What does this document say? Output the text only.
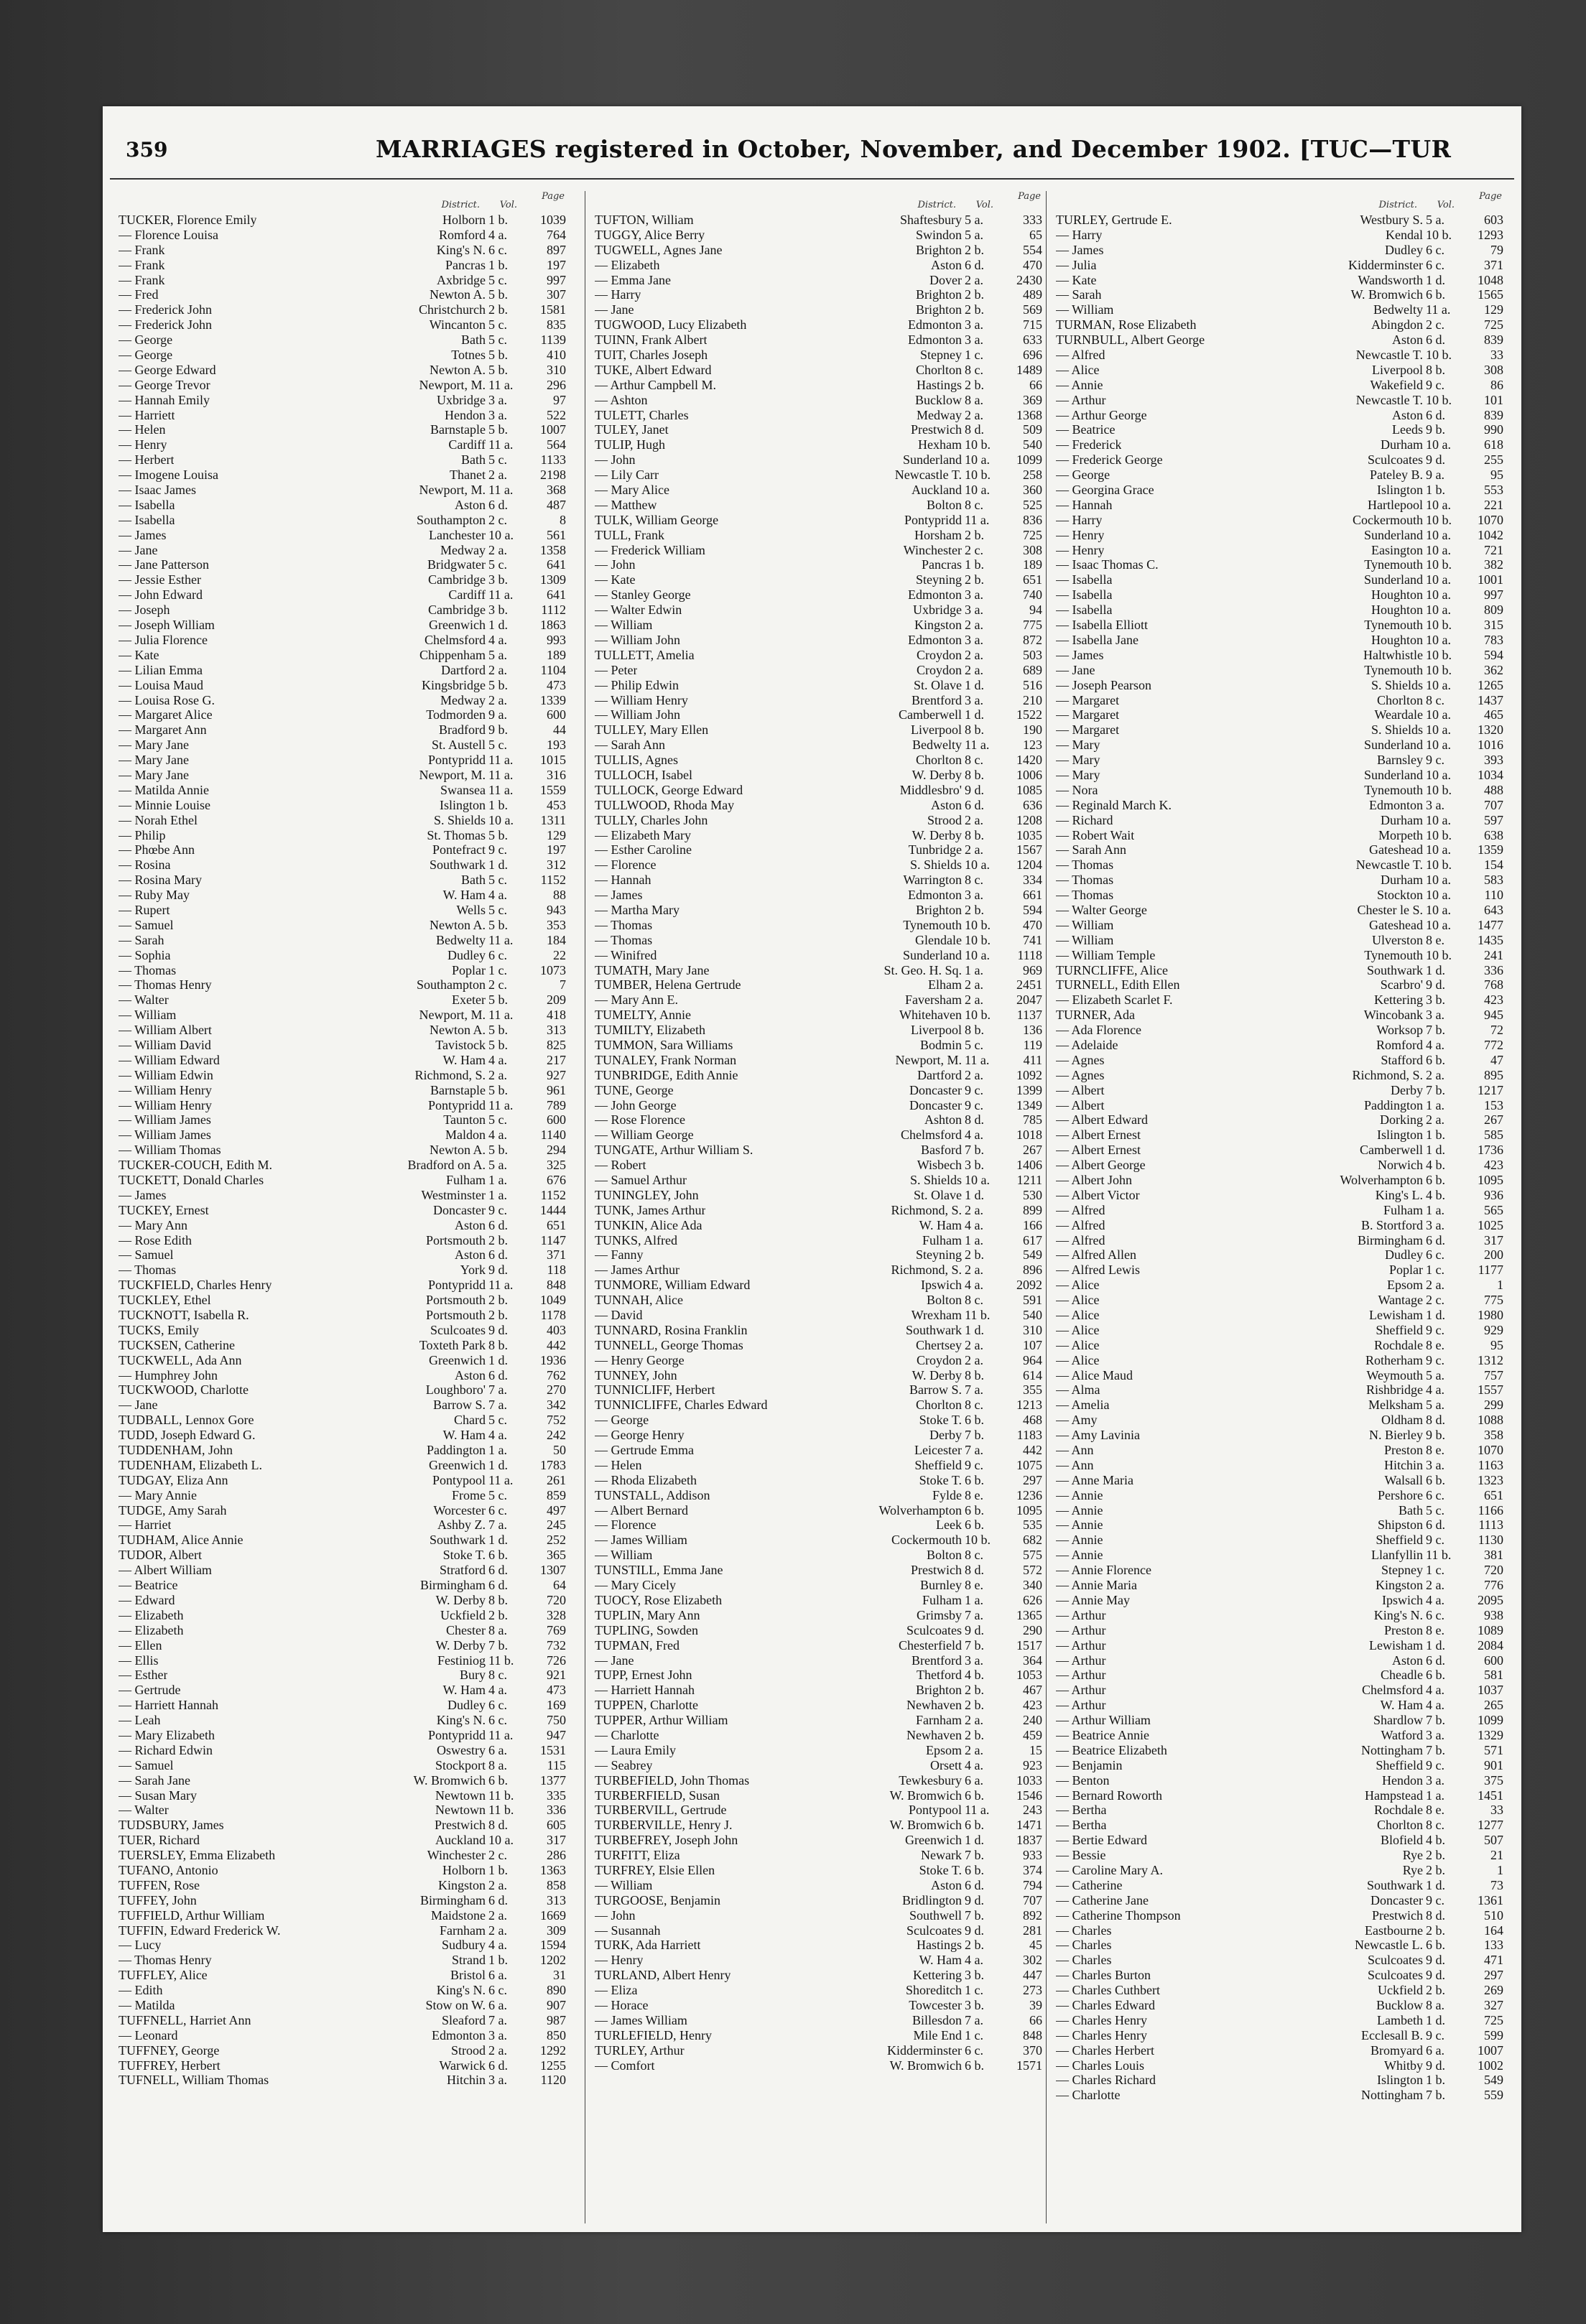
359	MARRIAGES registered in October, November, and December 1902. [TUC—TUR
District. Vol.
Page
TUCKER, Florence Emily	Holborn 1 b.	1039
— Florence Louisa	Romford 4 a.	764
— Frank	King's N. 6 c.	897
— Frank	Pancras 1 b.	197
— Frank	Axbridge 5 c.	997
— Fred	Newton A. 5 b.	307
— Frederick John	Christchurch 2 b.	1581
— Frederick John	Wincanton 5 c.	835
— George	Bath 5 c.	1139
— George	Totnes 5 b.	410
— George Edward	Newton A. 5 b.	310
— George Trevor	Newport, M. 11 a.	296
— Hannah Emily	Uxbridge 3 a.	97
— Harriett	Hendon 3 a.	522
— Helen	Barnstaple 5 b.	1007
— Henry	Cardiff 11 a.	564
— Herbert	Bath 5 c.	1133
— Imogene Louisa	Thanet 2 a.	2198
— Isaac James	Newport, M. 11 a.	368
— Isabella	Aston 6 d.	487
— Isabella	Southampton 2 c.	8
— James	Lanchester 10 a.	561
— Jane	Medway 2 a.	1358
— Jane Patterson	Bridgwater 5 c.	641
— Jessie Esther	Cambridge 3 b.	1309
— John Edward	Cardiff 11 a.	641
— Joseph	Cambridge 3 b.	1112
— Joseph William	Greenwich 1 d.	1863
— Julia Florence	Chelmsford 4 a.	993
— Kate	Chippenham 5 a.	189
— Lilian Emma	Dartford 2 a.	1104
— Louisa Maud	Kingsbridge 5 b.	473
— Louisa Rose G.	Medway 2 a.	1339
— Margaret Alice	Todmorden 9 a.	600
— Margaret Ann	Bradford 9 b.	44
— Mary Jane	St. Austell 5 c.	193
— Mary Jane	Pontypridd 11 a.	1015
— Mary Jane	Newport, M. 11 a.	316
— Matilda Annie	Swansea 11 a.	1559
— Minnie Louise	Islington 1 b.	453
— Norah Ethel	S. Shields 10 a.	1311
— Philip	St. Thomas 5 b.	129
— Phœbe Ann	Pontefract 9 c.	197
— Rosina	Southwark 1 d.	312
— Rosina Mary	Bath 5 c.	1152
— Ruby May	W. Ham 4 a.	88
— Rupert	Wells 5 c.	943
— Samuel	Newton A. 5 b.	353
— Sarah	Bedwelty 11 a.	184
— Sophia	Dudley 6 c.	22
— Thomas	Poplar 1 c.	1073
— Thomas Henry	Southampton 2 c.	7
— Walter	Exeter 5 b.	209
— William	Newport, M. 11 a.	418
— William Albert	Newton A. 5 b.	313
— William David	Tavistock 5 b.	825
— William Edward	W. Ham 4 a.	217
— William Edwin	Richmond, S. 2 a.	927
— William Henry	Barnstaple 5 b.	961
— William Henry	Pontypridd 11 a.	789
— William James	Taunton 5 c.	600
— William James	Maldon 4 a.	1140
— William Thomas	Newton A. 5 b.	294
TUCKER-COUCH, Edith M.	Bradford on A. 5 a.	325
TUCKETT, Donald Charles	Fulham 1 a.	676
— James	Westminster 1 a.	1152
TUCKEY, Ernest	Doncaster 9 c.	1444
— Mary Ann	Aston 6 d.	651
— Rose Edith	Portsmouth 2 b.	1147
— Samuel	Aston 6 d.	371
— Thomas	York 9 d.	118
TUCKFIELD, Charles Henry	Pontypridd 11 a.	848
TUCKLEY, Ethel	Portsmouth 2 b.	1049
TUCKNOTT, Isabella R.	Portsmouth 2 b.	1178
TUCKS, Emily	Sculcoates 9 d.	403
TUCKSEN, Catherine	Toxteth Park 8 b.	442
TUCKWELL, Ada Ann	Greenwich 1 d.	1936
— Humphrey John	Aston 6 d.	762
TUCKWOOD, Charlotte	Loughboro' 7 a.	270
— Jane	Barrow S. 7 a.	342
TUDBALL, Lennox Gore	Chard 5 c.	752
TUDD, Joseph Edward G.	W. Ham 4 a.	242
TUDDENHAM, John	Paddington 1 a.	50
TUDENHAM, Elizabeth L.	Greenwich 1 d.	1783
TUDGAY, Eliza Ann	Pontypool 11 a.	261
— Mary Annie	Frome 5 c.	859
TUDGE, Amy Sarah	Worcester 6 c.	497
— Harriet	Ashby Z. 7 a.	245
TUDHAM, Alice Annie	Southwark 1 d.	252
TUDOR, Albert	Stoke T. 6 b.	365
— Albert William	Stratford 6 d.	1307
— Beatrice	Birmingham 6 d.	64
— Edward	W. Derby 8 b.	720
— Elizabeth	Uckfield 2 b.	328
— Elizabeth	Chester 8 a.	769
— Ellen	W. Derby 7 b.	732
— Ellis	Festiniog 11 b.	726
— Esther	Bury 8 c.	921
— Gertrude	W. Ham 4 a.	473
— Harriett Hannah	Dudley 6 c.	169
— Leah	King's N. 6 c.	750
— Mary Elizabeth	Pontypridd 11 a.	947
— Richard Edwin	Oswestry 6 a.	1531
— Samuel	Stockport 8 a.	115
— Sarah Jane	W. Bromwich 6 b.	1377
— Susan Mary	Newtown 11 b.	335
— Walter	Newtown 11 b.	336
TUDSBURY, James	Prestwich 8 d.	605
TUER, Richard	Auckland 10 a.	317
TUERSLEY, Emma Elizabeth	Winchester 2 c.	286
TUFANO, Antonio	Holborn 1 b.	1363
TUFFEN, Rose	Kingston 2 a.	858
TUFFEY, John	Birmingham 6 d.	313
TUFFIELD, Arthur William	Maidstone 2 a.	1669
TUFFIN, Edward Frederick W.	Farnham 2 a.	309
— Lucy	Sudbury 4 a.	1594
— Thomas Henry	Strand 1 b.	1202
TUFFLEY, Alice	Bristol 6 a.	31
— Edith	King's N. 6 c.	890
— Matilda	Stow on W. 6 a.	907
TUFFNELL, Harriet Ann	Sleaford 7 a.	987
— Leonard	Edmonton 3 a.	850
TUFFNEY, George	Strood 2 a.	1292
TUFFREY, Herbert	Warwick 6 d.	1255
TUFNELL, William Thomas	Hitchin 3 a.	1120
District. Vol.
Page
TUFTON, William	Shaftesbury 5 a.	333
TUGGY, Alice Berry	Swindon 5 a.	65
TUGWELL, Agnes Jane	Brighton 2 b.	554
— Elizabeth	Aston 6 d.	470
— Emma Jane	Dover 2 a.	2430
— Harry	Brighton 2 b.	489
— Jane	Brighton 2 b.	569
TUGWOOD, Lucy Elizabeth	Edmonton 3 a.	715
TUINN, Frank Albert	Edmonton 3 a.	633
TUIT, Charles Joseph	Stepney 1 c.	696
TUKE, Albert Edward	Chorlton 8 c.	1489
— Arthur Campbell M.	Hastings 2 b.	66
— Ashton	Bucklow 8 a.	369
TULETT, Charles	Medway 2 a.	1368
TULEY, Janet	Prestwich 8 d.	509
TULIP, Hugh	Hexham 10 b.	540
— John	Sunderland 10 a.	1099
— Lily Carr	Newcastle T. 10 b.	258
— Mary Alice	Auckland 10 a.	360
— Matthew	Bolton 8 c.	525
TULK, William George	Pontypridd 11 a.	836
TULL, Frank	Horsham 2 b.	725
— Frederick William	Winchester 2 c.	308
— John	Pancras 1 b.	189
— Kate	Steyning 2 b.	651
— Stanley George	Edmonton 3 a.	740
— Walter Edwin	Uxbridge 3 a.	94
— William	Kingston 2 a.	775
— William John	Edmonton 3 a.	872
TULLETT, Amelia	Croydon 2 a.	503
— Peter	Croydon 2 a.	689
— Philip Edwin	St. Olave 1 d.	516
— William Henry	Brentford 3 a.	210
— William John	Camberwell 1 d.	1522
TULLEY, Mary Ellen	Liverpool 8 b.	190
— Sarah Ann	Bedwelty 11 a.	123
TULLIS, Agnes	Chorlton 8 c.	1420
TULLOCH, Isabel	W. Derby 8 b.	1006
TULLOCK, George Edward	Middlesbro' 9 d.	1085
TULLWOOD, Rhoda May	Aston 6 d.	636
TULLY, Charles John	Strood 2 a.	1208
— Elizabeth Mary	W. Derby 8 b.	1035
— Esther Caroline	Tunbridge 2 a.	1567
— Florence	S. Shields 10 a.	1204
— Hannah	Warrington 8 c.	334
— James	Edmonton 3 a.	661
— Martha Mary	Brighton 2 b.	594
— Thomas	Tynemouth 10 b.	470
— Thomas	Glendale 10 b.	741
— Winifred	Sunderland 10 a.	1118
TUMATH, Mary Jane	St. Geo. H. Sq. 1 a.	969
TUMBER, Helena Gertrude	Elham 2 a.	2451
— Mary Ann E.	Faversham 2 a.	2047
TUMELTY, Annie	Whitehaven 10 b.	1137
TUMILTY, Elizabeth	Liverpool 8 b.	136
TUMMON, Sara Williams	Bodmin 5 c.	119
TUNALEY, Frank Norman	Newport, M. 11 a.	411
TUNBRIDGE, Edith Annie	Dartford 2 a.	1092
TUNE, George	Doncaster 9 c.	1399
— John George	Doncaster 9 c.	1349
— Rose Florence	Ashton 8 d.	785
— William George	Chelmsford 4 a.	1018
TUNGATE, Arthur William S.	Basford 7 b.	267
— Robert	Wisbech 3 b.	1406
— Samuel Arthur	S. Shields 10 a.	1211
TUNINGLEY, John	St. Olave 1 d.	530
TUNK, James Arthur	Richmond, S. 2 a.	899
TUNKIN, Alice Ada	W. Ham 4 a.	166
TUNKS, Alfred	Fulham 1 a.	617
— Fanny	Steyning 2 b.	549
— James Arthur	Richmond, S. 2 a.	896
TUNMORE, William Edward	Ipswich 4 a.	2092
TUNNAH, Alice	Bolton 8 c.	591
— David	Wrexham 11 b.	540
TUNNARD, Rosina Franklin	Southwark 1 d.	310
TUNNELL, George Thomas	Chertsey 2 a.	107
— Henry George	Croydon 2 a.	964
TUNNEY, John	W. Derby 8 b.	614
TUNNICLIFF, Herbert	Barrow S. 7 a.	355
TUNNICLIFFE, Charles Edward	Chorlton 8 c.	1213
— George	Stoke T. 6 b.	468
— George Henry	Derby 7 b.	1183
— Gertrude Emma	Leicester 7 a.	442
— Helen	Sheffield 9 c.	1075
— Rhoda Elizabeth	Stoke T. 6 b.	297
TUNSTALL, Addison	Fylde 8 e.	1236
— Albert Bernard	Wolverhampton 6 b.	1095
— Florence	Leek 6 b.	535
— James William	Cockermouth 10 b.	682
— William	Bolton 8 c.	575
TUNSTILL, Emma Jane	Prestwich 8 d.	572
— Mary Cicely	Burnley 8 e.	340
TUOCY, Rose Elizabeth	Fulham 1 a.	626
TUPLIN, Mary Ann	Grimsby 7 a.	1365
TUPLING, Sowden	Sculcoates 9 d.	290
TUPMAN, Fred	Chesterfield 7 b.	1517
— Jane	Brentford 3 a.	364
TUPP, Ernest John	Thetford 4 b.	1053
— Harriett Hannah	Brighton 2 b.	467
TUPPEN, Charlotte	Newhaven 2 b.	423
TUPPER, Arthur William	Farnham 2 a.	240
— Charlotte	Newhaven 2 b.	459
— Laura Emily	Epsom 2 a.	15
— Seabrey	Orsett 4 a.	923
TURBEFIELD, John Thomas	Tewkesbury 6 a.	1033
TURBERFIELD, Susan	W. Bromwich 6 b.	1546
TURBERVILL, Gertrude	Pontypool 11 a.	243
TURBERVILLE, Henry J.	W. Bromwich 6 b.	1471
TURBEFREY, Joseph John	Greenwich 1 d.	1837
TURFITT, Eliza	Newark 7 b.	933
TURFREY, Elsie Ellen	Stoke T. 6 b.	374
— William	Aston 6 d.	794
TURGOOSE, Benjamin	Bridlington 9 d.	707
— John	Southwell 7 b.	892
— Susannah	Sculcoates 9 d.	281
TURK, Ada Harriett	Hastings 2 b.	45
— Henry	W. Ham 4 a.	302
TURLAND, Albert Henry	Kettering 3 b.	447
— Eliza	Shoreditch 1 c.	273
— Horace	Towcester 3 b.	39
— James William	Billesdon 7 a.	66
TURLEFIELD, Henry	Mile End 1 c.	848
TURLEY, Arthur	Kidderminster 6 c.	370
— Comfort	W. Bromwich 6 b.	1571
District. Vol.
Page
TURLEY, Gertrude E.	Westbury S. 5 a.	603
— Harry	Kendal 10 b.	1293
— James	Dudley 6 c.	79
— Julia	Kidderminster 6 c.	371
— Kate	Wandsworth 1 d.	1048
— Sarah	W. Bromwich 6 b.	1565
— William	Bedwelty 11 a.	129
TURMAN, Rose Elizabeth	Abingdon 2 c.	725
TURNBULL, Albert George	Aston 6 d.	839
— Alfred	Newcastle T. 10 b.	33
— Alice	Liverpool 8 b.	308
— Annie	Wakefield 9 c.	86
— Arthur	Newcastle T. 10 b.	101
— Arthur George	Aston 6 d.	839
— Beatrice	Leeds 9 b.	990
— Frederick	Durham 10 a.	618
— Frederick George	Sculcoates 9 d.	255
— George	Pateley B. 9 a.	95
— Georgina Grace	Islington 1 b.	553
— Hannah	Hartlepool 10 a.	221
— Harry	Cockermouth 10 b.	1070
— Henry	Sunderland 10 a.	1042
— Henry	Easington 10 a.	721
— Isaac Thomas C.	Tynemouth 10 b.	382
— Isabella	Sunderland 10 a.	1001
— Isabella	Houghton 10 a.	997
— Isabella	Houghton 10 a.	809
— Isabella Elliott	Tynemouth 10 b.	315
— Isabella Jane	Houghton 10 a.	783
— James	Haltwhistle 10 b.	594
— Jane	Tynemouth 10 b.	362
— Joseph Pearson	S. Shields 10 a.	1265
— Margaret	Chorlton 8 c.	1437
— Margaret	Weardale 10 a.	465
— Margaret	S. Shields 10 a.	1320
— Mary	Sunderland 10 a.	1016
— Mary	Barnsley 9 c.	393
— Mary	Sunderland 10 a.	1034
— Nora	Tynemouth 10 b.	488
— Reginald March K.	Edmonton 3 a.	707
— Richard	Durham 10 a.	597
— Robert Wait	Morpeth 10 b.	638
— Sarah Ann	Gateshead 10 a.	1359
— Thomas	Newcastle T. 10 b.	154
— Thomas	Durham 10 a.	583
— Thomas	Stockton 10 a.	110
— Walter George	Chester le S. 10 a.	643
— William	Gateshead 10 a.	1477
— William	Ulverston 8 e.	1435
— William Temple	Tynemouth 10 b.	241
TURNCLIFFE, Alice	Southwark 1 d.	336
TURNELL, Edith Ellen	Scarbro' 9 d.	768
— Elizabeth Scarlet F.	Kettering 3 b.	423
TURNER, Ada	Wincobank 3 a.	945
— Ada Florence	Worksop 7 b.	72
— Adelaide	Romford 4 a.	772
— Agnes	Stafford 6 b.	47
— Agnes	Richmond, S. 2 a.	895
— Albert	Derby 7 b.	1217
— Albert	Paddington 1 a.	153
— Albert Edward	Dorking 2 a.	267
— Albert Ernest	Islington 1 b.	585
— Albert Ernest	Camberwell 1 d.	1736
— Albert George	Norwich 4 b.	423
— Albert John	Wolverhampton 6 b.	1095
— Albert Victor	King's L. 4 b.	936
— Alfred	Fulham 1 a.	565
— Alfred	B. Stortford 3 a.	1025
— Alfred	Birmingham 6 d.	317
— Alfred Allen	Dudley 6 c.	200
— Alfred Lewis	Poplar 1 c.	1177
— Alice	Epsom 2 a.	1
— Alice	Wantage 2 c.	775
— Alice	Lewisham 1 d.	1980
— Alice	Sheffield 9 c.	929
— Alice	Rochdale 8 e.	95
— Alice	Rotherham 9 c.	1312
— Alice Maud	Weymouth 5 a.	757
— Alma	Rishbridge 4 a.	1557
— Amelia	Melksham 5 a.	299
— Amy	Oldham 8 d.	1088
— Amy Lavinia	N. Bierley 9 b.	358
— Ann	Preston 8 e.	1070
— Ann	Hitchin 3 a.	1163
— Anne Maria	Walsall 6 b.	1323
— Annie	Pershore 6 c.	651
— Annie	Bath 5 c.	1166
— Annie	Shipston 6 d.	1113
— Annie	Sheffield 9 c.	1130
— Annie	Llanfyllin 11 b.	381
— Annie Florence	Stepney 1 c.	720
— Annie Maria	Kingston 2 a.	776
— Annie May	Ipswich 4 a.	2095
— Arthur	King's N. 6 c.	938
— Arthur	Preston 8 e.	1089
— Arthur	Lewisham 1 d.	2084
— Arthur	Aston 6 d.	600
— Arthur	Cheadle 6 b.	581
— Arthur	Chelmsford 4 a.	1037
— Arthur	W. Ham 4 a.	265
— Arthur William	Shardlow 7 b.	1099
— Beatrice Annie	Watford 3 a.	1329
— Beatrice Elizabeth	Nottingham 7 b.	571
— Benjamin	Sheffield 9 c.	901
— Benton	Hendon 3 a.	375
— Bernard Roworth	Hampstead 1 a.	1451
— Bertha	Rochdale 8 e.	33
— Bertha	Chorlton 8 c.	1277
— Bertie Edward	Blofield 4 b.	507
— Bessie	Rye 2 b.	21
— Caroline Mary A.	Rye 2 b.	1
— Catherine	Southwark 1 d.	73
— Catherine Jane	Doncaster 9 c.	1361
— Catherine Thompson	Prestwich 8 d.	510
— Charles	Eastbourne 2 b.	164
— Charles	Newcastle L. 6 b.	133
— Charles	Sculcoates 9 d.	471
— Charles Burton	Sculcoates 9 d.	297
— Charles Cuthbert	Uckfield 2 b.	269
— Charles Edward	Bucklow 8 a.	327
— Charles Henry	Lambeth 1 d.	725
— Charles Henry	Ecclesall B. 9 c.	599
— Charles Herbert	Bromyard 6 a.	1007
— Charles Louis	Whitby 9 d.	1002
— Charles Richard	Islington 1 b.	549
— Charlotte	Nottingham 7 b.	559
